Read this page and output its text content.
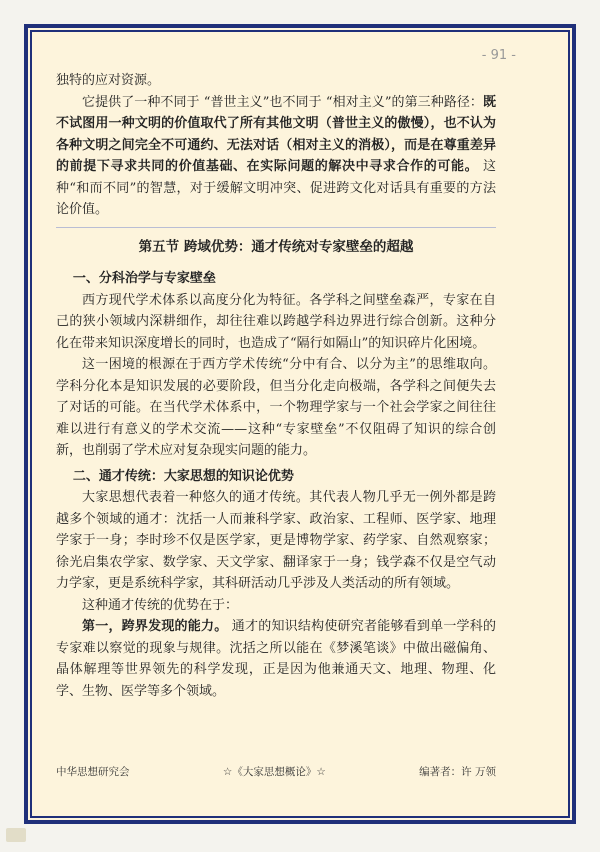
- 91 -

独特的应对资源。

它提供了一种不同于 “普世主义”也不同于 “相对主义”的第三种路径：既不试图用一种文明的价值取代了所有其他文明（普世主义的傲慢），也不认为各种文明之间完全不可通约、无法对话（相对主义的消极），而是在尊重差异的前提下寻求共同的价值基础、在实际问题的解决中寻求合作的可能。 这种“和而不同”的智慧，对于缓解文明冲突、促进跨文化对话具有重要的方法论价值。

第五节 跨域优势：通才传统对专家壁垒的超越

一、分科治学与专家壁垒

西方现代学术体系以高度分化为特征。各学科之间壁垒森严，专家在自己的狭小领域内深耕细作，却往往难以跨越学科边界进行综合创新。这种分化在带来知识深度增长的同时，也造成了“隔行如隔山”的知识碎片化困境。

这一困境的根源在于西方学术传统“分中有合、以分为主”的思维取向。学科分化本是知识发展的必要阶段，但当分化走向极端，各学科之间便失去了对话的可能。在当代学术体系中，一个物理学家与一个社会学家之间往往难以进行有意义的学术交流——这种“专家壁垒”不仅阻碍了知识的综合创新，也削弱了学术应对复杂现实问题的能力。

二、通才传统：大家思想的知识论优势

大家思想代表着一种悠久的通才传统。其代表人物几乎无一例外都是跨越多个领域的通才：沈括一人而兼科学家、政治家、工程师、医学家、地理学家于一身；李时珍不仅是医学家，更是博物学家、药学家、自然观察家；徐光启集农学家、数学家、天文学家、翻译家于一身；钱学森不仅是空气动力学家，更是系统科学家，其科研活动几乎涉及人类活动的所有领域。

这种通才传统的优势在于：

第一，跨界发现的能力。 通才的知识结构使研究者能够看到单一学科的专家难以察觉的现象与规律。沈括之所以能在《梦溪笔谈》中做出磁偏角、晶体解理等世界领先的科学发现，正是因为他兼通天文、地理、物理、化学、生物、医学等多个领域。

中华思想研究会	☆《大家思想概论》☆	编著者：许 万领
